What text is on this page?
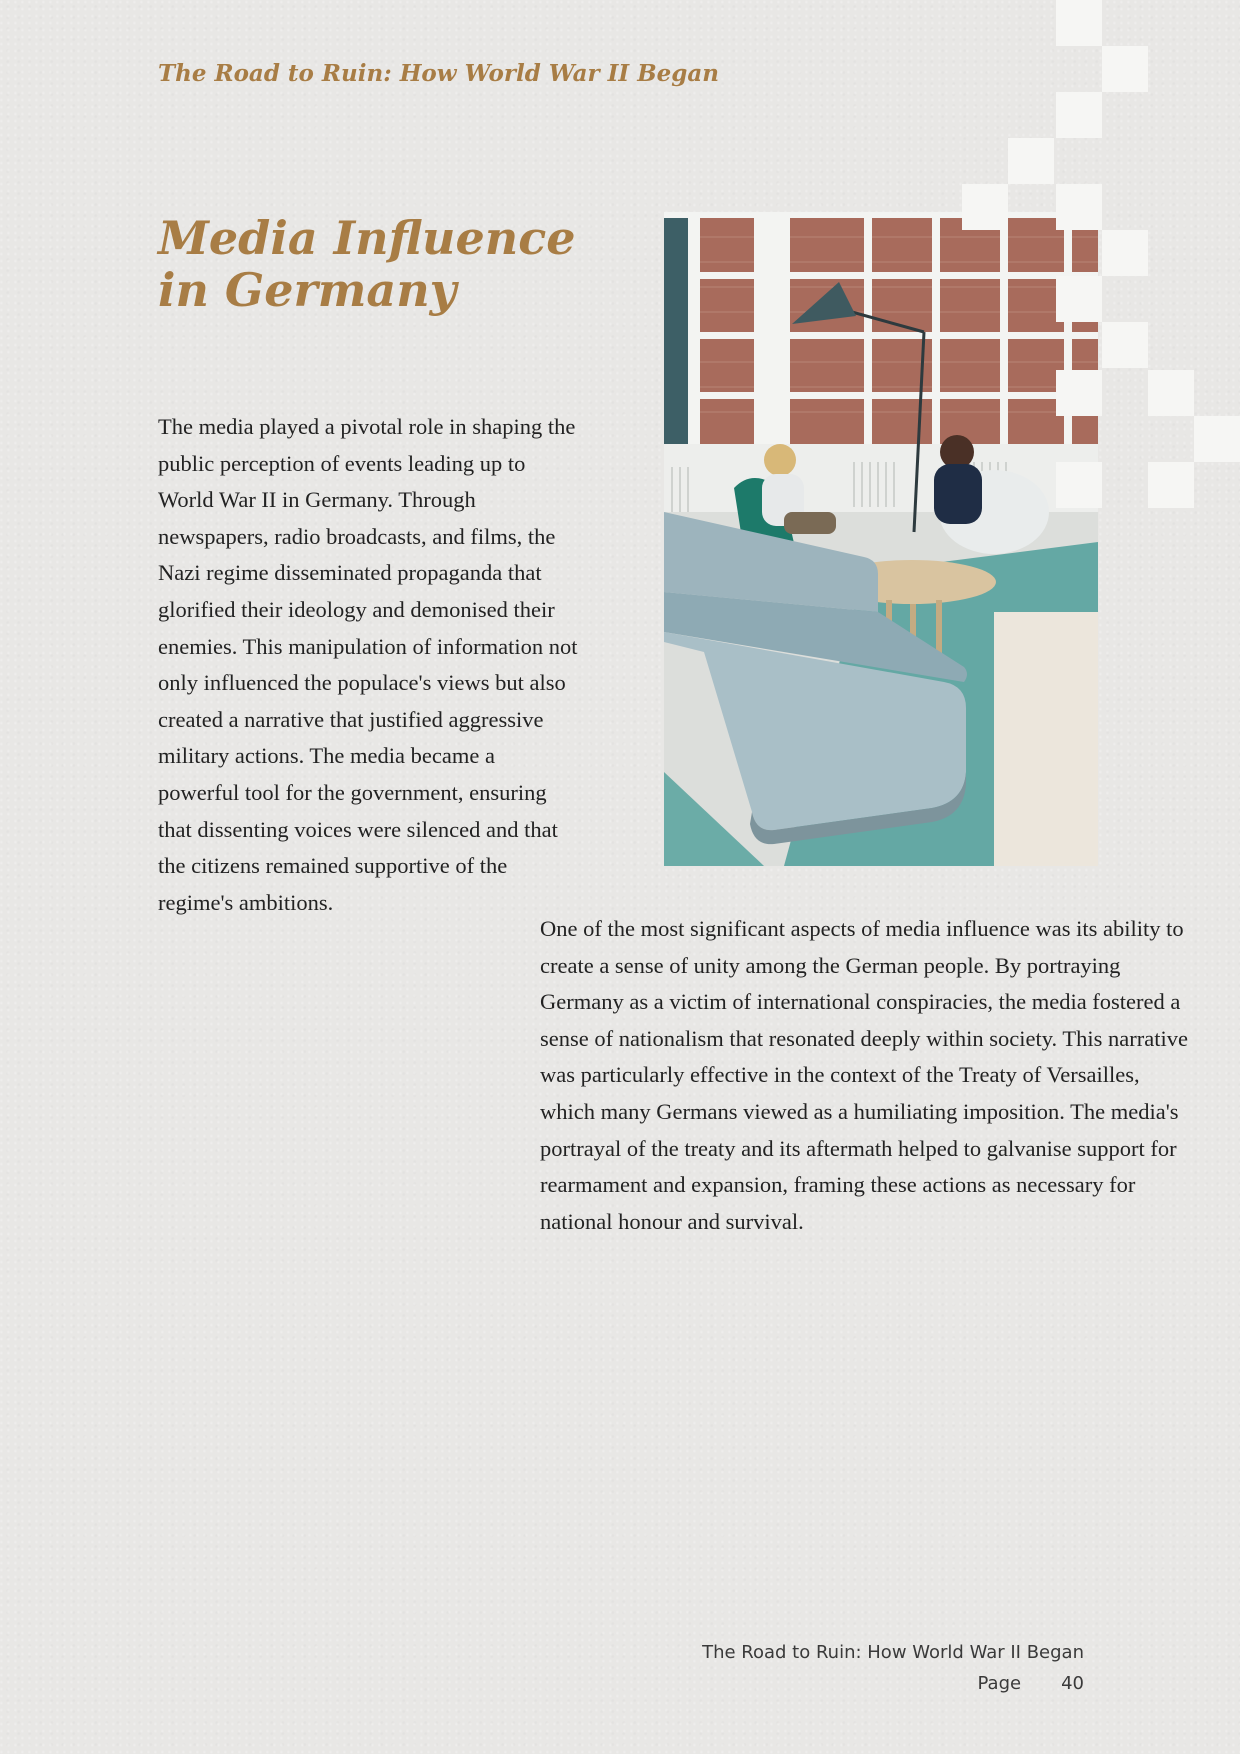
The Road to Ruin: How World War II Began
Media Influence in Germany

The media played a pivotal role in shaping the public perception of events leading up to World War II in Germany. Through newspapers, radio broadcasts, and films, the Nazi regime disseminated propaganda that glorified their ideology and demonised their enemies. This manipulation of information not only influenced the populace's views but also created a narrative that justified aggressive military actions. The media became a powerful tool for the government, ensuring that dissenting voices were silenced and that the citizens remained supportive of the regime's ambitions.

One of the most significant aspects of media influence was its ability to create a sense of unity among the German people. By portraying Germany as a victim of international conspiracies, the media fostered a sense of nationalism that resonated deeply within society. This narrative was particularly effective in the context of the Treaty of Versailles, which many Germans viewed as a humiliating imposition. The media's portrayal of the treaty and its aftermath helped to galvanise support for rearmament and expansion, framing these actions as necessary for national honour and survival.

The Road to Ruin: How World War II Began
Page 40
